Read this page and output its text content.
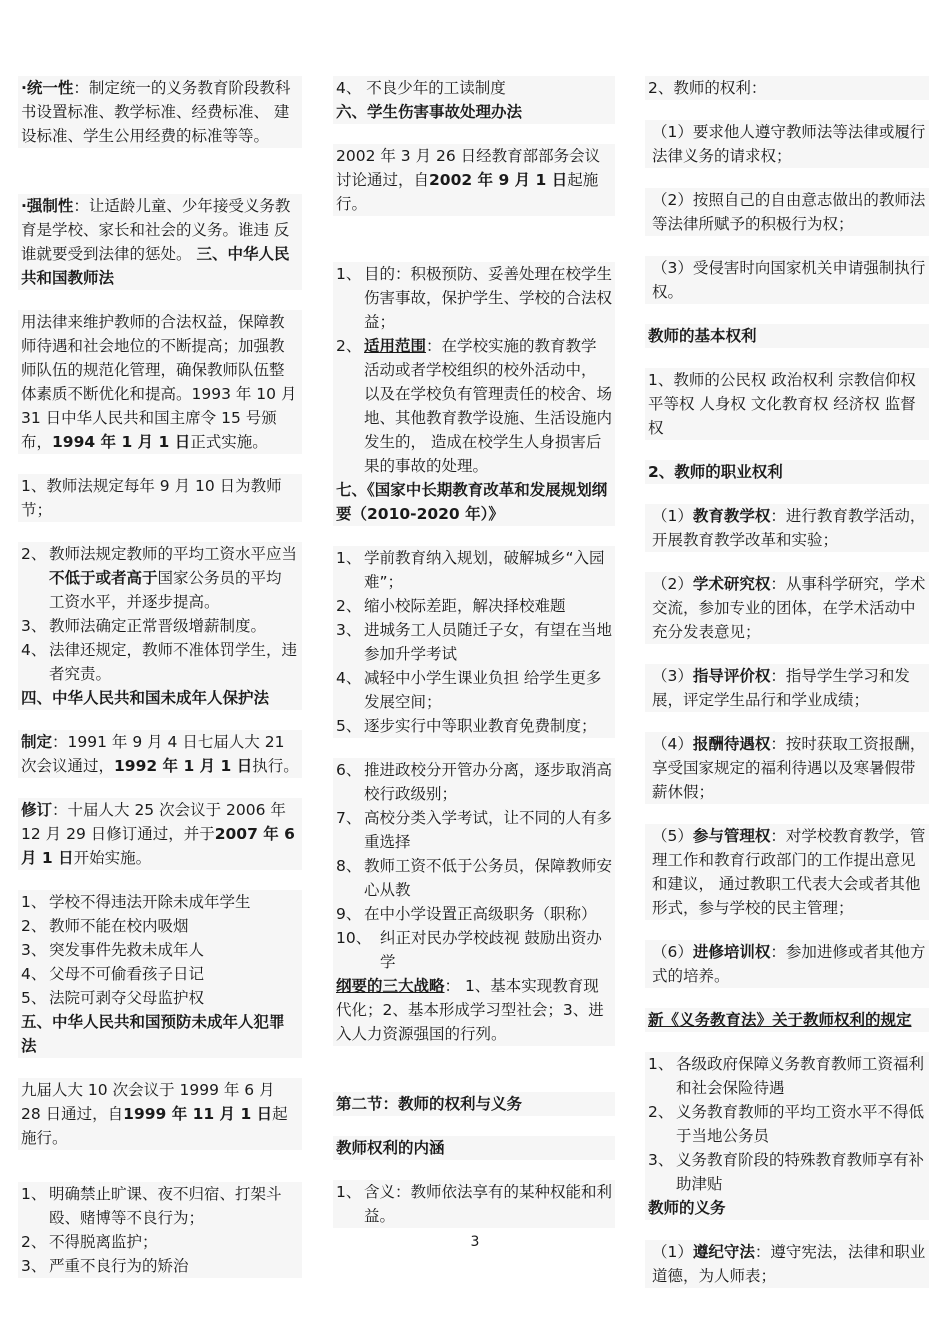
·统一性：制定统一的义务教育阶段教科书设置标准、教学标准、经费标准、 建设标准、学生公用经费的标准等等。

·强制性：让适龄儿童、少年接受义务教育是学校、家长和社会的义务。谁违 反谁就要受到法律的惩处。 三、中华人民共和国教师法

用法律来维护教师的合法权益，保障教师待遇和社会地位的不断提高；加强教 师队伍的规范化管理，确保教师队伍整体素质不断优化和提高。1993 年 10 月 31 日中华人民共和国主席令 15 号颁布，1994 年 1 月 1 日正式实施。

1、教师法规定每年 9 月 10 日为教师节；

2、 教师法规定教师的平均工资水平应当不低于或者高于国家公务员的平均 工资水平，并逐步提高。
3、 教师法确定正常晋级增薪制度。
4、 法律还规定，教师不准体罚学生，违者究责。

四、中华人民共和国未成年人保护法

制定：1991 年 9 月 4 日七届人大 21 次会议通过，1992 年 1 月 1 日执行。

修订：十届人大 25 次会议于 2006 年 12 月 29 日修订通过，并于2007 年 6 月 1 日开始实施。

1、 学校不得违法开除未成年学生
2、 教师不能在校内吸烟
3、 突发事件先救未成年人
4、 父母不可偷看孩子日记
5、 法院可剥夺父母监护权

五、中华人民共和国预防未成年人犯罪法

九届人大 10 次会议于 1999 年 6 月 28 日通过，自1999 年 11 月 1 日起施行。

1、 明确禁止旷课、夜不归宿、打架斗殴、赌博等不良行为；
2、 不得脱离监护；
3、 严重不良行为的矫治

4、 不良少年的工读制度

六、学生伤害事故处理办法

2002 年 3 月 26 日经教育部部务会议讨论通过，自2002 年 9 月 1 日起施行。

1、 目的：积极预防、妥善处理在校学生伤害事故，保护学生、学校的合法权益；
2、 适用范围：在学校实施的教育教学活动或者学校组织的校外活动中， 以及在学校负有管理责任的校舍、场地、其他教育教学设施、生活设施内发生的， 造成在校学生人身损害后果的事故的处理。

七、《国家中长期教育改革和发展规划纲要（2010-2020 年）》

1、 学前教育纳入规划，破解城乡“入园难”；
2、 缩小校际差距，解决择校难题
3、 进城务工人员随迁子女，有望在当地参加升学考试
4、 减轻中小学生课业负担 给学生更多发展空间；
5、 逐步实行中等职业教育免费制度；
6、 推进政校分开管办分离，逐步取消高校行政级别；
7、 高校分类入学考试，让不同的人有多重选择
8、 教师工资不低于公务员，保障教师安心从教
9、 在中小学设置正高级职务（职称）
10、 纠正对民办学校歧视 鼓励出资办学

纲要的三大战略： 1、基本实现教育现代化；2、基本形成学习型社会；3、进入人力资源强国的行列。

第二节：教师的权利与义务

教师权利的内涵

1、 含义：教师依法享有的某种权能和利益。

2、教师的权利：

（1）要求他人遵守教师法等法律或履行法律义务的请求权；

（2）按照自己的自由意志做出的教师法等法律所赋予的积极行为权；

（3）受侵害时向国家机关申请强制执行权。

教师的基本权利

1、教师的公民权 政治权利 宗教信仰权 平等权 人身权 文化教育权 经济权 监督权

2、教师的职业权利

（1）教育教学权：进行教育教学活动，开展教育教学改革和实验；

（2）学术研究权：从事科学研究，学术交流，参加专业的团体，在学术活动中充分发表意见；

（3）指导评价权：指导学生学习和发展，评定学生品行和学业成绩；

（4）报酬待遇权：按时获取工资报酬，享受国家规定的福利待遇以及寒暑假带薪休假；

（5）参与管理权：对学校教育教学，管理工作和教育行政部门的工作提出意见和建议， 通过教职工代表大会或者其他形式，参与学校的民主管理；

（6）进修培训权：参加进修或者其他方式的培养。

新《义务教育法》关于教师权利的规定

1、 各级政府保障义务教育教师工资福利和社会保险待遇
2、 义务教育教师的平均工资水平不得低于当地公务员
3、 义务教育阶段的特殊教育教师享有补助津贴

教师的义务

（1）遵纪守法：遵守宪法，法律和职业道德，为人师表；

3
